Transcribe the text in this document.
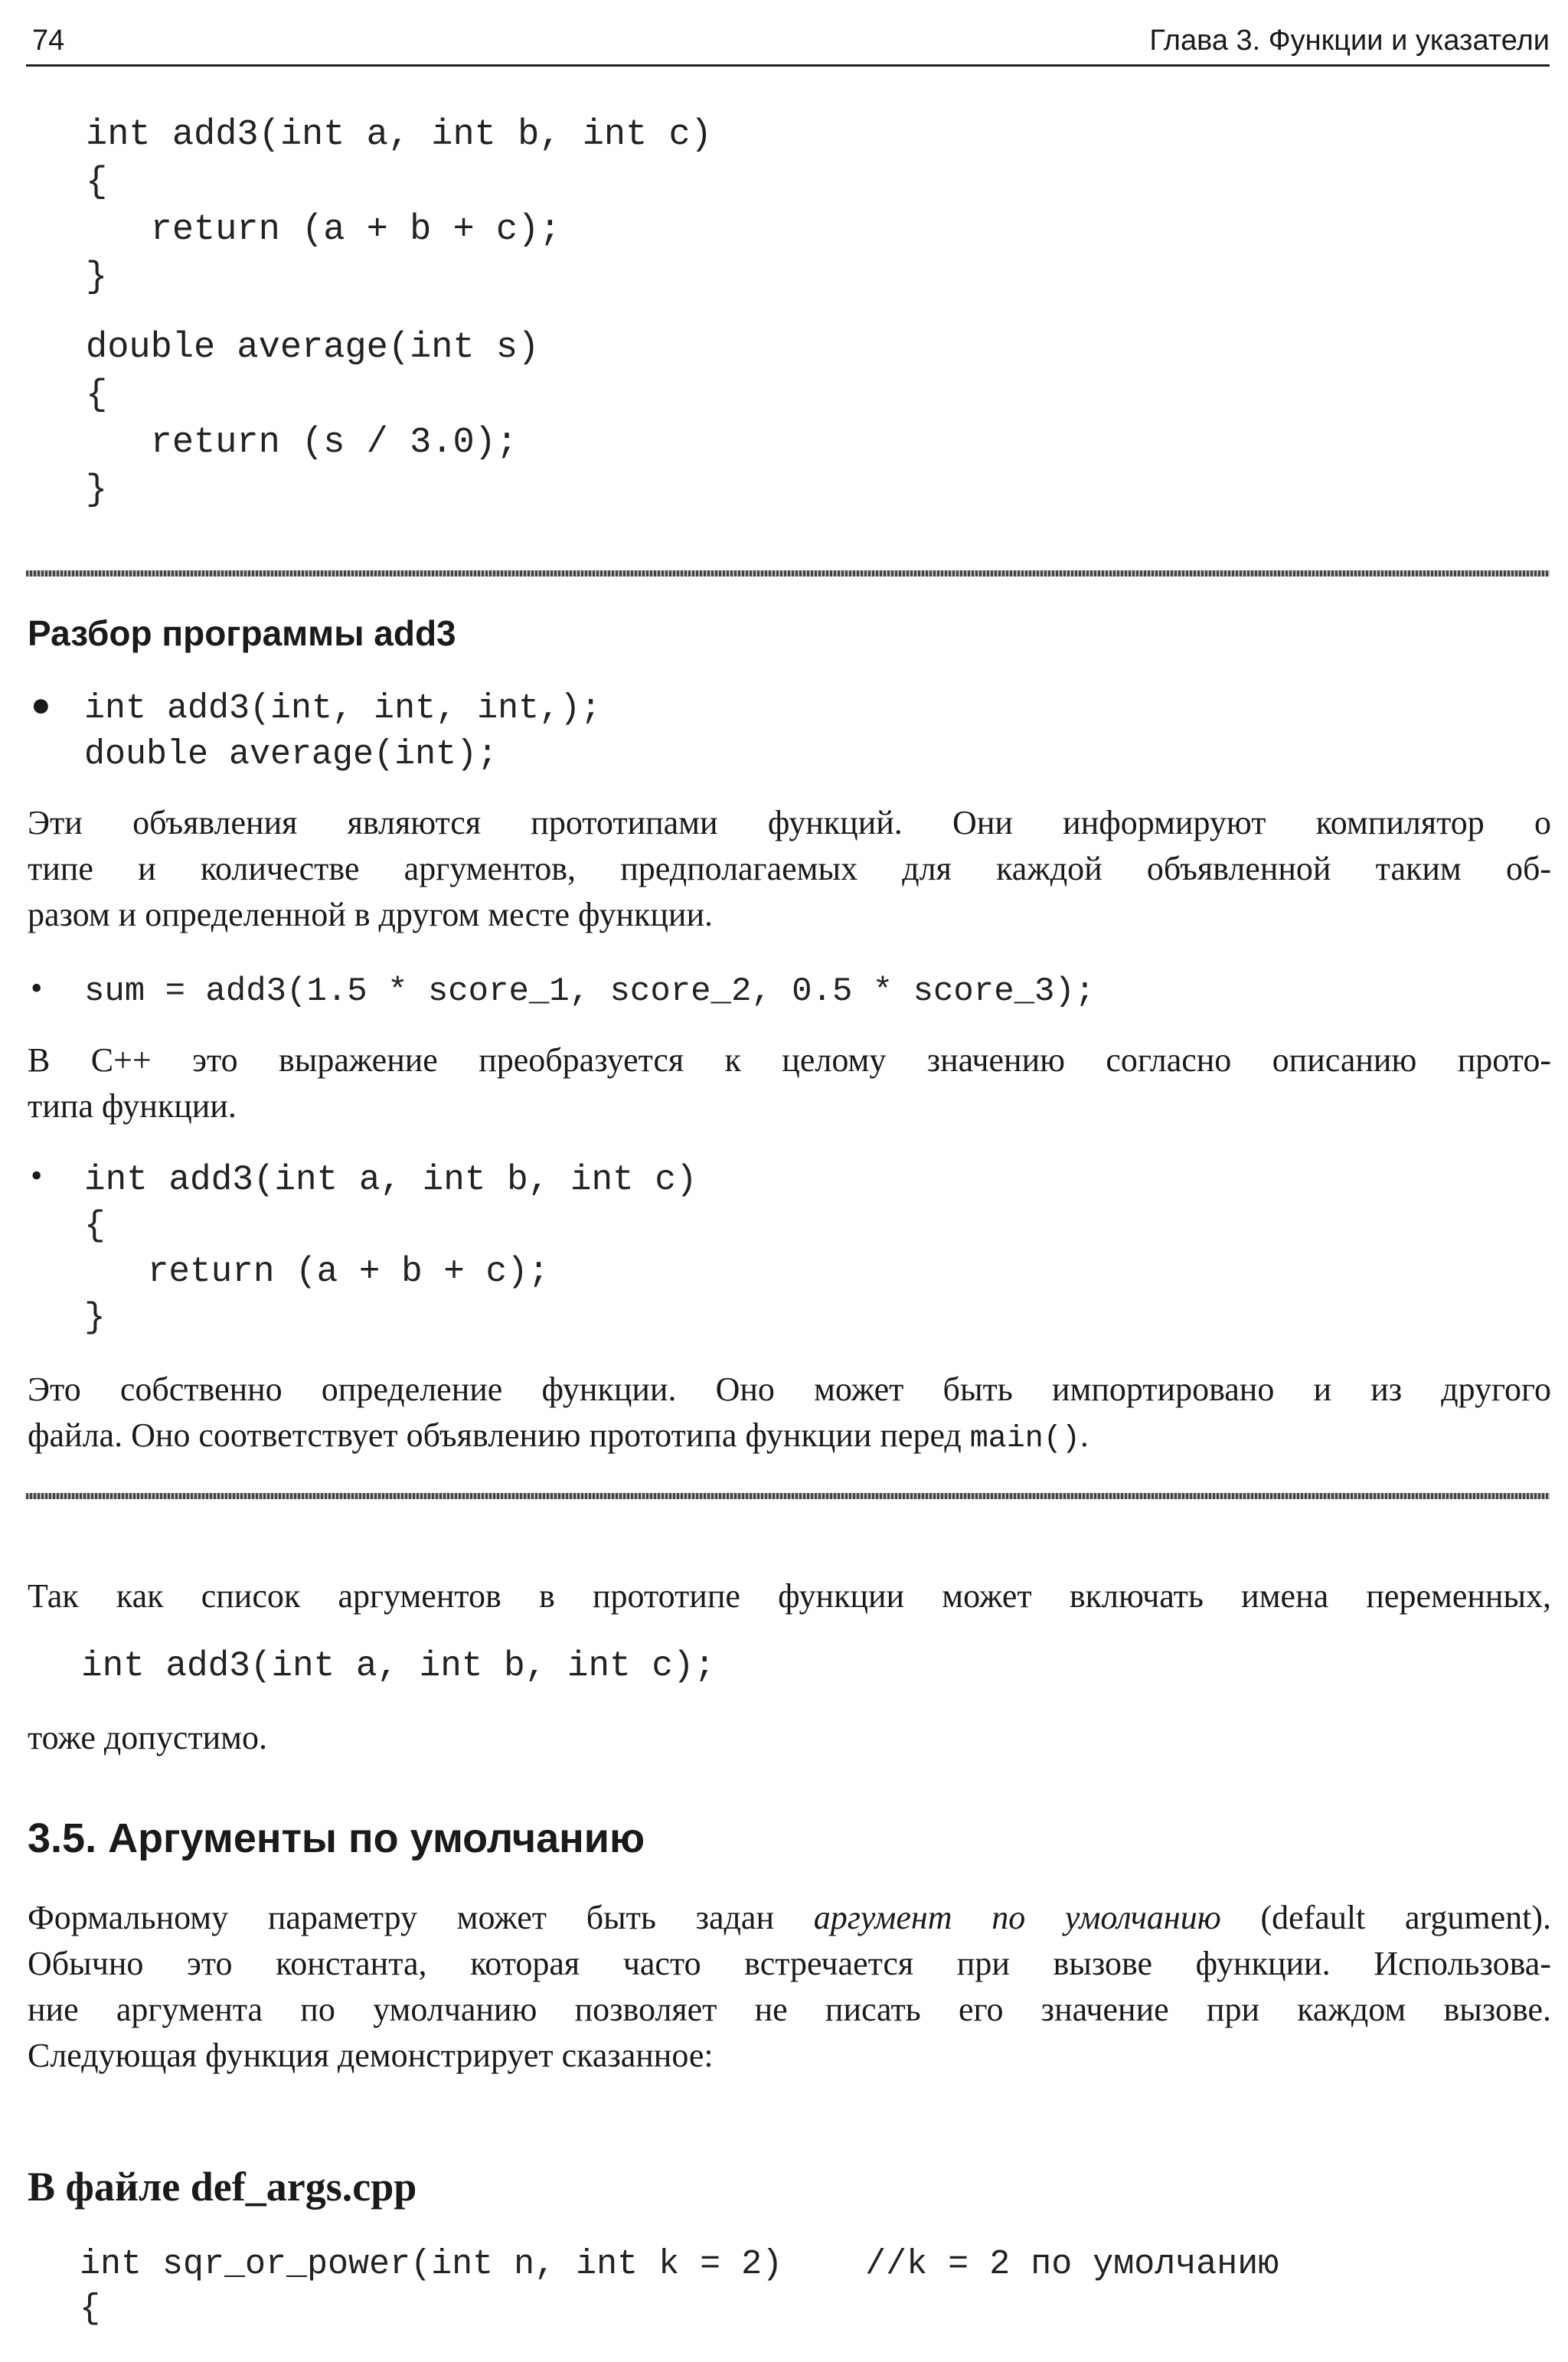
74	Глава 3. Функции и указатели

int add3(int a, int b, int c)

{

return (a + b + c);

}

double average(int s)

{

return (s / 3.0);

}

Разбор программы add3
●

int add3(int, int, int,);

double average(int);

Эти объявления являются прототипами функций. Они информируют компилятор о
типе и количестве аргументов, предполагаемых для каждой объявленной таким об-
разом и определенной в другом месте функции.
• sum = add3(1.5 * score_1, score_2, 0.5 * score_3);
В C++ это выражение преобразуется к целому значению согласно описанию прото-
типа функции.
•

int add3(int a, int b, int c)

{

return (a + b + c);

}

Это собственно определение функции. Оно может быть импортировано и из другого
файла. Оно соответствует объявлению прототипа функции перед main().
Так как список аргументов в прототипе функции может включать имена переменных,
int add3(int a, int b, int c);
тоже допустимо.
3.5. Аргументы по умолчанию
Формальному параметру может быть задан аргумент по умолчанию (default argument).
Обычно это константа, которая часто встречается при вызове функции. Использова-
ние аргумента по умолчанию позволяет не писать его значение при каждом вызове.
Следующая функция демонстрирует сказанное:
В файле def_args.cpp

int sqr_or_power(int n, int k = 2)    //k = 2 по умолчанию

{
